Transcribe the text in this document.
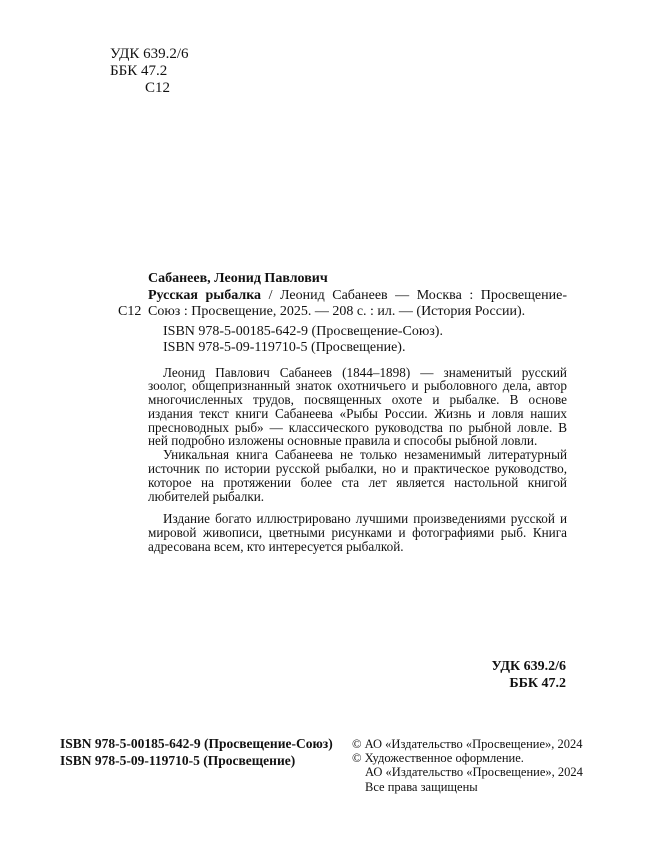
УДК 639.2/6
ББК 47.2
С12
Сабанеев, Леонид Павлович
С12
Русская рыбалка / Леонид Сабанеев — Москва : Просвещение-Союз : Просвещение, 2025. — 208 с. : ил. — (История России).
ISBN 978-5-00185-642-9 (Просвещение-Союз).
ISBN 978-5-09-119710-5 (Просвещение).

Леонид Павлович Сабанеев (1844–1898) — знаменитый русский зоолог, общепризнанный знаток охотничьего и рыболовного дела, автор многочисленных трудов, посвященных охоте и рыбалке. В основе издания текст книги Сабанеева «Рыбы России. Жизнь и ловля наших пресноводных рыб» — классического руководства по рыбной ловле. В ней подробно изложены основные правила и способы рыбной ловли.

Уникальная книга Сабанеева не только незаменимый литературный источник по истории русской рыбалки, но и практическое руководство, которое на протяжении более ста лет является настольной книгой любителей рыбалки.

Издание богато иллюстрировано лучшими произведениями русской и мировой живописи, цветными рисунками и фотографиями рыб. Книга адресована всем, кто интересуется рыбалкой.

УДК 639.2/6
ББК 47.2
ISBN 978-5-00185-642-9 (Просвещение-Союз)
ISBN 978-5-09-119710-5 (Просвещение)
© АО «Издательство «Просвещение», 2024
© Художественное оформление.
АО «Издательство «Просвещение», 2024
Все права защищены
